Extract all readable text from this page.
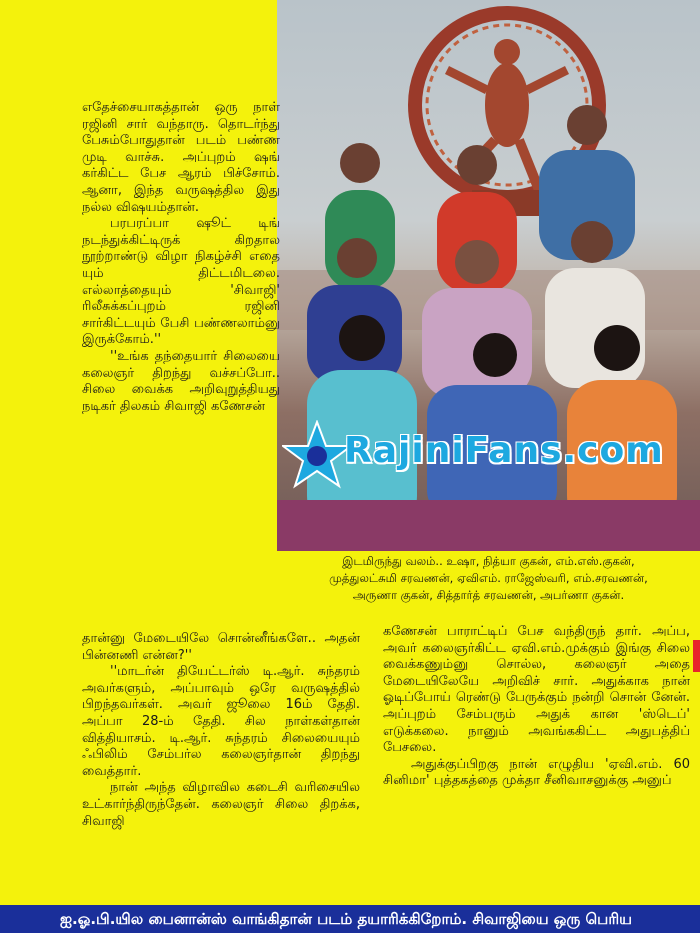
RajiniFans.com
இடமிருந்து வலம்.. உஷா, நித்யா குகன், எம்.எஸ்.குகன்,
முத்துலட்சுமி சரவணன், ஏவிஎம். ராஜேஸ்வரி, எம்.சரவணன்,
அருணா குகன், சித்தார்த் சரவணன், அபர்ணா குகன்.

எதேச்சையாகத்தான் ஒரு நாள் ரஜினி சார் வந்தாரு. தொடர்ந்து பேசும்போதுதான் படம் பண்ண முடி வாச்சு. அப்புறம் ஷங் கர்கிட்ட பேச ஆரம் பிச்சோம். ஆனா, இந்த வருஷத்தில இது நல்ல விஷயம்தான்.

பரபரப்பா ஷூட் டிங் நடந்துக்கிட்டிருக் கிறதால நூற்றாண்டு விழா நிகழ்ச்சி எதை யும் திட்டமிடலை. எல்லாத்தையும் 'சிவாஜி' ரிலீசுக்கப்புறம் ரஜினி சார்கிட்டயும் பேசி பண்ணலாம்னு இருக்கோம்.''

''உங்க தந்தையார் சிலையை கலைஞர் திறந்து வச்சப்போ.. சிலை வைக்க அறிவுறுத்தியது நடிகர் திலகம் சிவாஜி கணேசன்

தான்னு மேடையிலே சொன்னீங்களே.. அதன் பின்னணி என்ன?''

''மாடர்ன் தியேட்டர்ஸ் டி.ஆர். சுந்தரம் அவர்களும், அப்பாவும் ஒரே வருஷத்தில் பிறந்தவர்கள். அவர் ஜூலை 16ம் தேதி. அப்பா 28-ம் தேதி. சில நாள்கள்தான் வித்தியாசம். டி.ஆர். சுந்தரம் சிலையையும் ஃபிலிம் சேம்பர்ல கலைஞர்தான் திறந்து வைத்தார்.

நான் அந்த விழாவில கடைசி வரிசையில உட்கார்ந்திருந்தேன். கலைஞர் சிலை திறக்க, சிவாஜி

கணேசன் பாராட்டிப் பேச வந்திருந் தார். அப்ப, அவர் கலைஞர்கிட்ட ஏவி.எம்.முக்கும் இங்கு சிலை வைக்கணும்னு சொல்ல, கலைஞர் அதை மேடையிலேயே அறிவிச் சார். அதுக்காக நான் ஓடிப்போய் ரெண்டு பேருக்கும் நன்றி சொன் னேன். அப்புறம் சேம்பரும் அதுக் கான 'ஸ்டெப்' எடுக்கலை. நானும் அவங்ககிட்ட அதுபத்திப் பேசலை.

அதுக்குப்பிறகு நான் எழுதிய 'ஏவி.எம். 60 சினிமா' புத்தகத்தை முக்தா சீனிவாசனுக்கு அனுப்

ஐ.ஓ.பி.யில பைனான்ஸ் வாங்கிதான் படம் தயாரிக்கிறோம். சிவாஜியை ஒரு பெரிய
